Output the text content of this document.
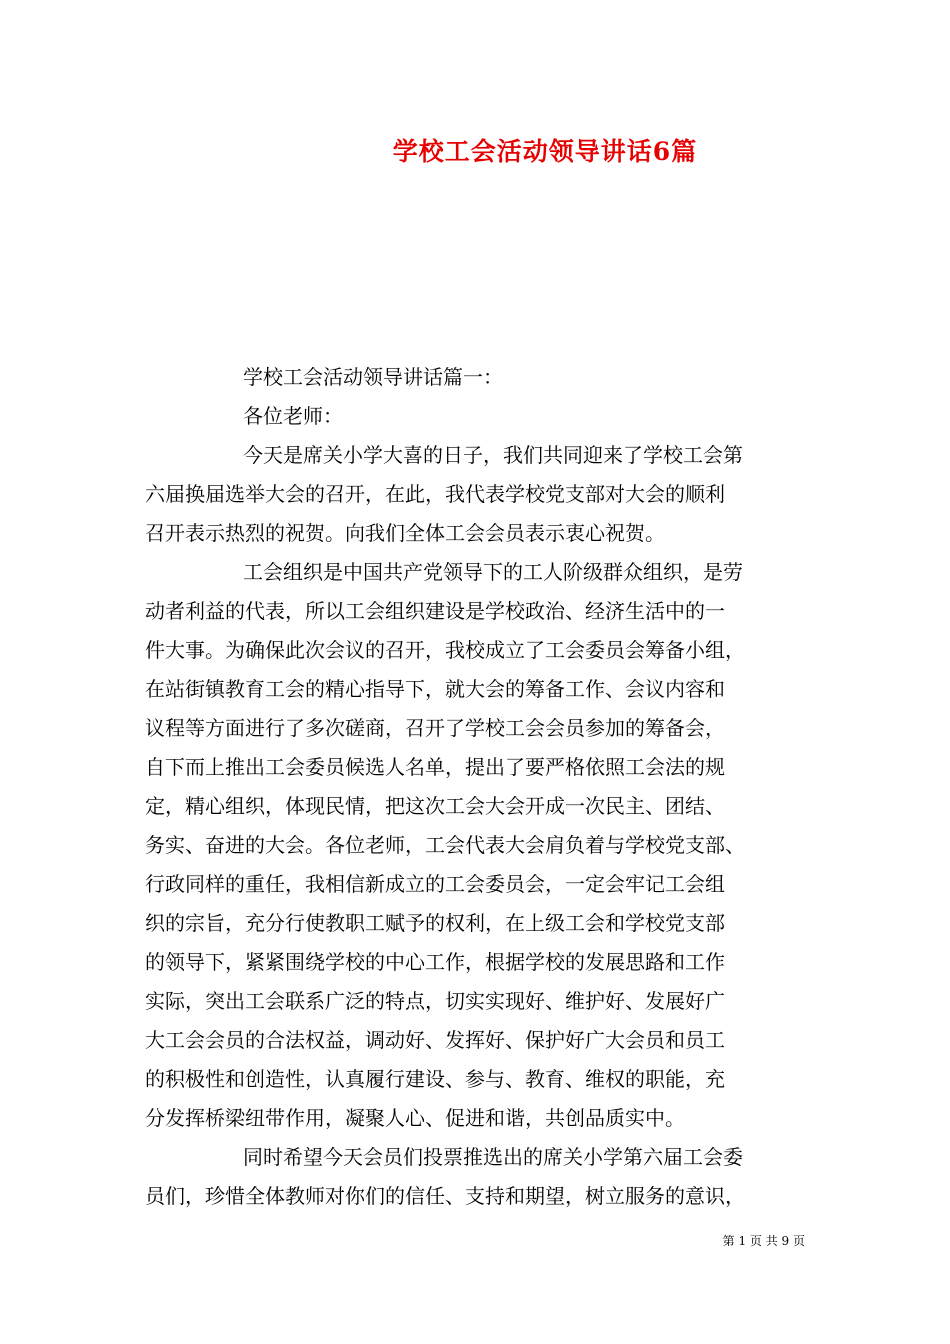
学校工会活动领导讲话6篇
学校工会活动领导讲话篇一：
各位老师：
今天是席关小学大喜的日子，我们共同迎来了学校工会第
六届换届选举大会的召开，在此，我代表学校党支部对大会的顺利
召开表示热烈的祝贺。向我们全体工会会员表示衷心祝贺。
工会组织是中国共产党领导下的工人阶级群众组织，是劳
动者利益的代表，所以工会组织建设是学校政治、经济生活中的一
件大事。为确保此次会议的召开，我校成立了工会委员会筹备小组，
在站街镇教育工会的精心指导下，就大会的筹备工作、会议内容和
议程等方面进行了多次磋商，召开了学校工会会员参加的筹备会，
自下而上推出工会委员候选人名单，提出了要严格依照工会法的规
定，精心组织，体现民情，把这次工会大会开成一次民主、团结、
务实、奋进的大会。各位老师，工会代表大会肩负着与学校党支部、
行政同样的重任，我相信新成立的工会委员会，一定会牢记工会组
织的宗旨，充分行使教职工赋予的权利，在上级工会和学校党支部
的领导下，紧紧围绕学校的中心工作，根据学校的发展思路和工作
实际，突出工会联系广泛的特点，切实实现好、维护好、发展好广
大工会会员的合法权益，调动好、发挥好、保护好广大会员和员工
的积极性和创造性，认真履行建设、参与、教育、维权的职能，充
分发挥桥梁纽带作用，凝聚人心、促进和谐，共创品质实中。
同时希望今天会员们投票推选出的席关小学第六届工会委
员们，珍惜全体教师对你们的信任、支持和期望，树立服务的意识，
第 1 页 共 9 页
